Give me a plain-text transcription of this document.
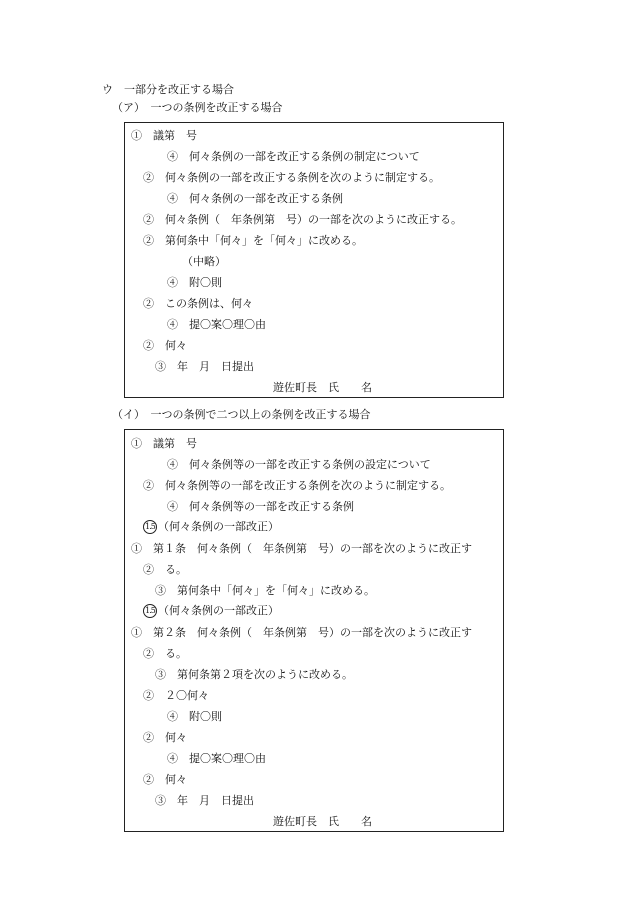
ウ　一部分を改正する場合
（ア）　一つの条例を改正する場合
①　議第　号
④　何々条例の一部を改正する条例の制定について
②　何々条例の一部を改正する条例を次のように制定する。
④　何々条例の一部を改正する条例
②　何々条例（　年条例第　号）の一部を次のように改正する。
②　第何条中「何々」を「何々」に改める。
（中略）
④　附〇則
②　この条例は、何々
④　提〇案〇理〇由
②　何々
③　年　月　日提出
遊佐町長　氏　　名
（イ）　一つの条例で二つ以上の条例を改正する場合
①　議第　号
④　何々条例等の一部を改正する条例の設定について
②　何々条例等の一部を改正する条例を次のように制定する。
④　何々条例等の一部を改正する条例
1.5 （何々条例の一部改正）
①　第１条　何々条例（　年条例第　号）の一部を次のように改正す
②　る。
③　第何条中「何々」を「何々」に改める。
1.5 （何々条例の一部改正）
①　第２条　何々条例（　年条例第　号）の一部を次のように改正す
②　る。
③　第何条第２項を次のように改める。
②　２〇何々
④　附〇則
②　何々
④　提〇案〇理〇由
②　何々
③　年　月　日提出
遊佐町長　氏　　名
